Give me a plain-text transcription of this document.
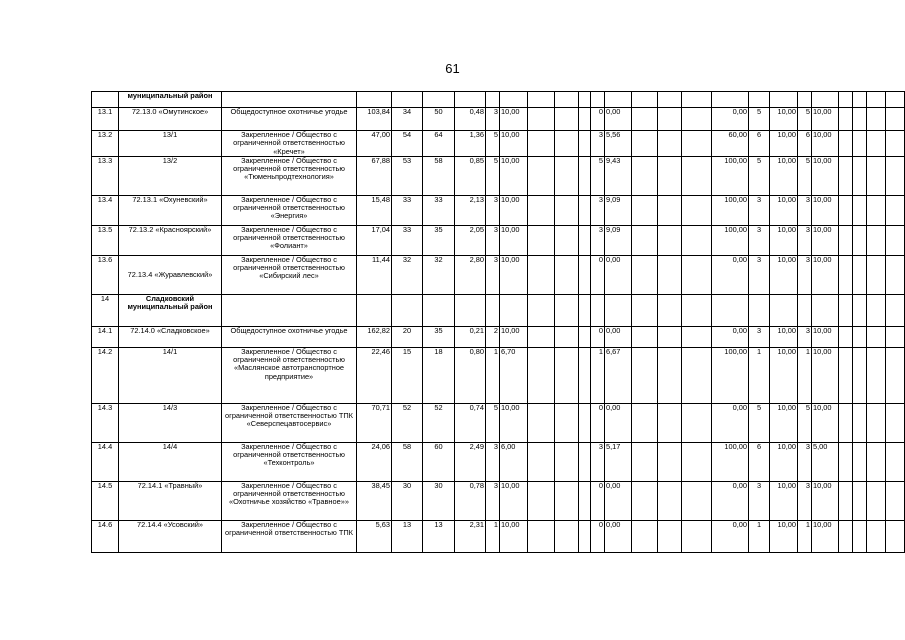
61
	муниципальный район																								
13.1	72.13.0 «Омутинское»	Общедоступное охотничье угодье	103,84	34	50	0,48	3	10,00				0	0,00				0,00	5	10,00	5	10,00				
13.2	13/1	Закрепленное / Общество с ограниченной ответственностью «Кречет»	47,00	54	64	1,36	5	10,00				3	5,56				60,00	6	10,00	6	10,00				
13.3	13/2	Закрепленное / Общество с ограниченной ответственностью «Тюменьпродтехнология»	67,88	53	58	0,85	5	10,00				5	9,43				100,00	5	10,00	5	10,00				
13.4	72.13.1 «Охуневский»	Закрепленное / Общество с ограниченной ответственностью «Энергия»	15,48	33	33	2,13	3	10,00				3	9,09				100,00	3	10,00	3	10,00				
13.5	72.13.2 «Красноярский»	Закрепленное / Общество с ограниченной ответственностью «Фолиант»	17,04	33	35	2,05	3	10,00				3	9,09				100,00	3	10,00	3	10,00				
13.6	72.13.4 «Журавлевский»	Закрепленное / Общество с ограниченной ответственностью «Сибирский лес»	11,44	32	32	2,80	3	10,00				0	0,00				0,00	3	10,00	3	10,00				
14	Сладковский муниципальный район																								
14.1	72.14.0 «Сладковское»	Общедоступное охотничье угодье	162,82	20	35	0,21	2	10,00				0	0,00				0,00	3	10,00	3	10,00				
14.2	14/1	Закрепленное / Общество с ограниченной ответственностью «Маслянское автотранспортное предприятие»	22,46	15	18	0,80	1	6,70				1	6,67				100,00	1	10,00	1	10,00				
14.3	14/3	Закрепленное / Общество с ограниченной ответственностью ТПК «Северспецавтосервис»	70,71	52	52	0,74	5	10,00				0	0,00				0,00	5	10,00	5	10,00				
14.4	14/4	Закрепленное / Общество с ограниченной ответственностью «Техконтроль»	24,06	58	60	2,49	3	6,00				3	5,17				100,00	6	10,00	3	5,00				
14.5	72.14.1 «Травный»	Закрепленное / Общество с ограниченной ответственностью «Охотничье хозяйство «Травное»»	38,45	30	30	0,78	3	10,00				0	0,00				0,00	3	10,00	3	10,00				
14.6	72.14.4 «Усовский»	Закрепленное / Общество с ограниченной ответственностью ТПК	5,63	13	13	2,31	1	10,00				0	0,00				0,00	1	10,00	1	10,00				
